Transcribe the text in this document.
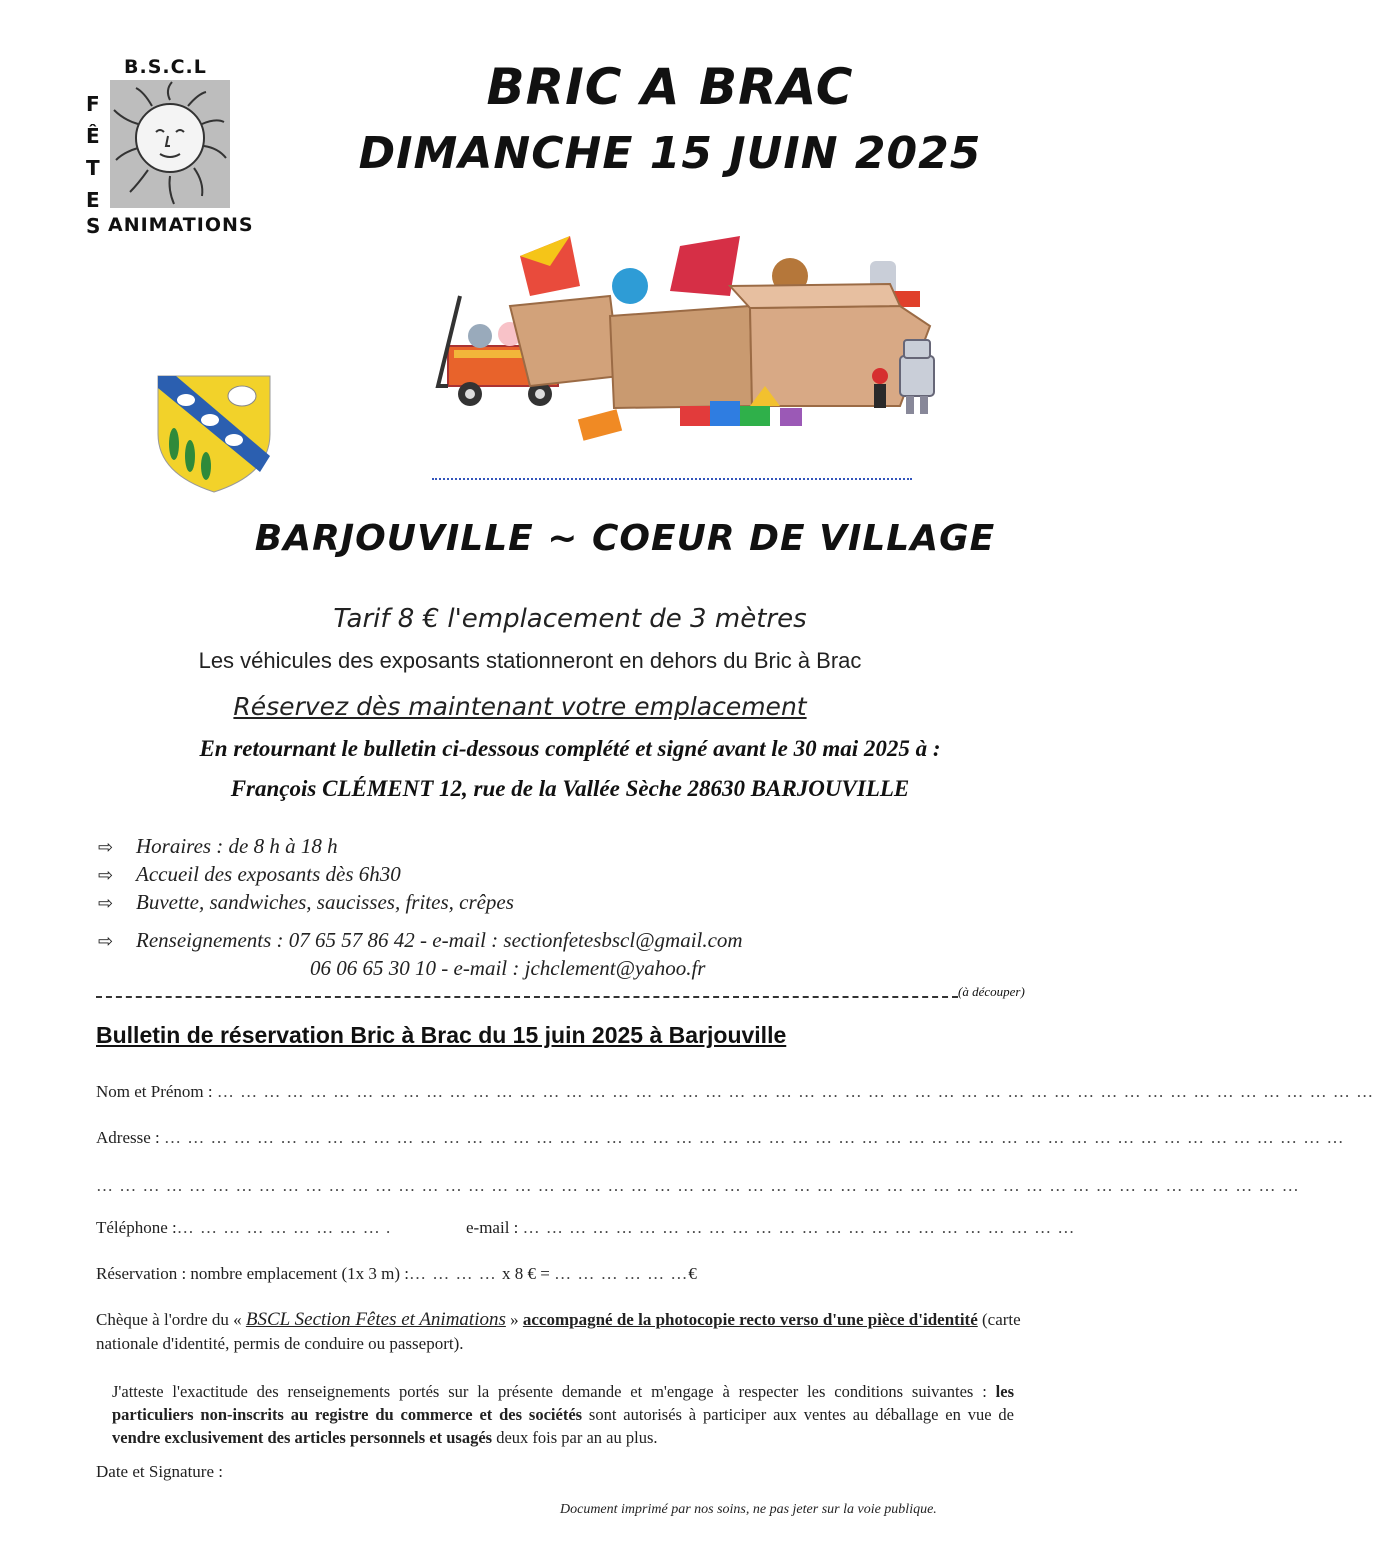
B.S.C.L
F
Ê
T
E
S ANIMATIONS
BRIC A BRAC
DIMANCHE 15 JUIN 2025
BARJOUVILLE ~ COEUR DE VILLAGE
Tarif 8 € l'emplacement de 3 mètres
Les véhicules des exposants stationneront en dehors du Bric à Brac
Réservez dès maintenant votre emplacement
En retournant le bulletin ci-dessous complété et signé avant le 30 mai 2025 à :
François CLÉMENT 12, rue de la Vallée Sèche 28630 BARJOUVILLE
⇨ Horaires : de 8 h à 18 h
⇨ Accueil des exposants dès 6h30
⇨ Buvette, sandwiches, saucisses, frites, crêpes
⇨ Renseignements : 07 65 57 86 42 - e-mail : sectionfetesbscl@gmail.com
06 06 65 30 10 - e-mail : jchclement@yahoo.fr
(à découper)
Bulletin de réservation Bric à Brac du 15 juin 2025 à Barjouville
Nom et Prénom : … … … … … … … … … … … … … … … … … … … … … … … … … … … … … … … … … … … … … … … … … … … … … … … … … …
Adresse : … … … … … … … … … … … … … … … … … … … … … … … … … … … … … … … … … … … … … … … … … … … … … … … … … … …
… … … … … … … … … … … … … … … … … … … … … … … … … … … … … … … … … … … … … … … … … … … … … … … … … … … …
Téléphone :… … … … … … … … … .	e-mail : … … … … … … … … … … … … … … … … … … … … … … … …
Réservation : nombre emplacement (1x 3 m) :… … … … x 8 € = … … … … … …€
Chèque à l'ordre du « BSCL Section Fêtes et Animations » accompagné de la photocopie recto verso d'une pièce d'identité (carte nationale d'identité, permis de conduire ou passeport).
J'atteste l'exactitude des renseignements portés sur la présente demande et m'engage à respecter les conditions suivantes : les particuliers non-inscrits au registre du commerce et des sociétés sont autorisés à participer aux ventes au déballage en vue de vendre exclusivement des articles personnels et usagés deux fois par an au plus.
Date et Signature :
Document imprimé par nos soins, ne pas jeter sur la voie publique.
